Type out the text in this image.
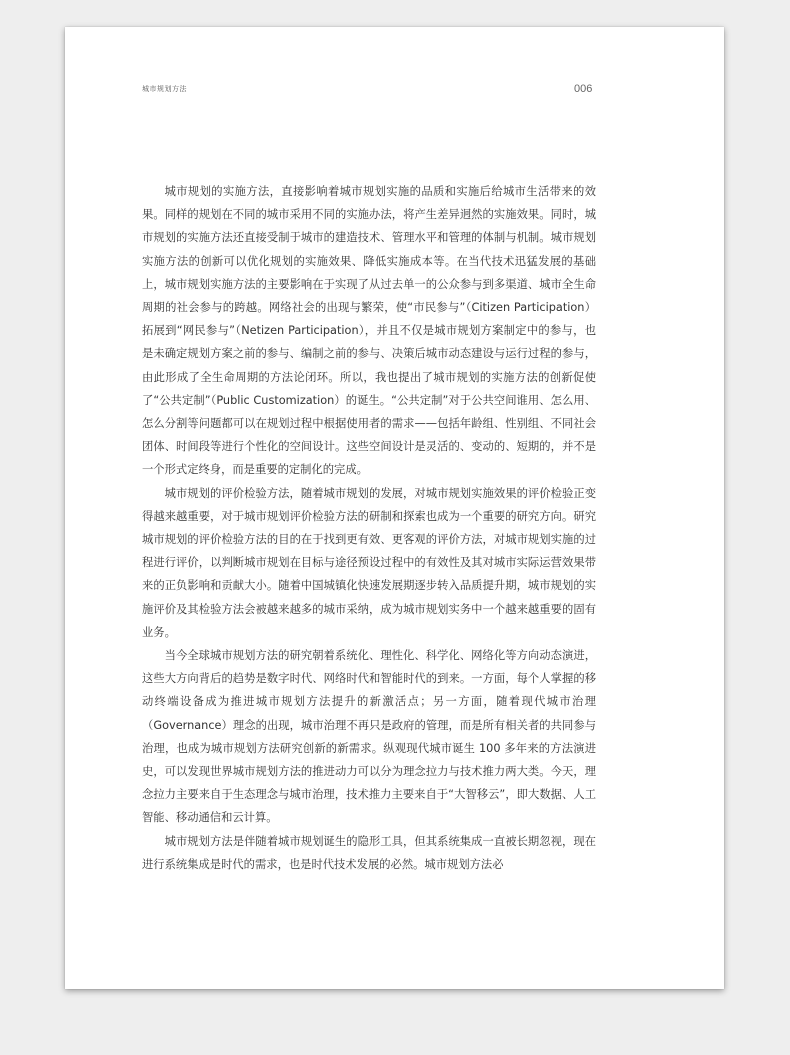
城市规划方法	006

城市规划的实施方法，直接影响着城市规划实施的品质和实施后给城市生活带来的效果。同样的规划在不同的城市采用不同的实施办法，将产生差异迥然的实施效果。同时，城市规划的实施方法还直接受制于城市的建造技术、管理水平和管理的体制与机制。城市规划实施方法的创新可以优化规划的实施效果、降低实施成本等。在当代技术迅猛发展的基础上，城市规划实施方法的主要影响在于实现了从过去单一的公众参与到多渠道、城市全生命周期的社会参与的跨越。网络社会的出现与繁荣，使“市民参与”（Citizen Participation）拓展到“网民参与”（Netizen Participation），并且不仅是城市规划方案制定中的参与，也是未确定规划方案之前的参与、编制之前的参与、决策后城市动态建设与运行过程的参与，由此形成了全生命周期的方法论闭环。所以，我也提出了城市规划的实施方法的创新促使了“公共定制”（Public Customization）的诞生。“公共定制”对于公共空间谁用、怎么用、怎么分割等问题都可以在规划过程中根据使用者的需求——包括年龄组、性别组、不同社会团体、时间段等进行个性化的空间设计。这些空间设计是灵活的、变动的、短期的，并不是一个形式定终身，而是重要的定制化的完成。

城市规划的评价检验方法，随着城市规划的发展，对城市规划实施效果的评价检验正变得越来越重要，对于城市规划评价检验方法的研制和探索也成为一个重要的研究方向。研究城市规划的评价检验方法的目的在于找到更有效、更客观的评价方法，对城市规划实施的过程进行评价，以判断城市规划在目标与途径预设过程中的有效性及其对城市实际运营效果带来的正负影响和贡献大小。随着中国城镇化快速发展期逐步转入品质提升期，城市规划的实施评价及其检验方法会被越来越多的城市采纳，成为城市规划实务中一个越来越重要的固有业务。

当今全球城市规划方法的研究朝着系统化、理性化、科学化、网络化等方向动态演进，这些大方向背后的趋势是数字时代、网络时代和智能时代的到来。一方面，每个人掌握的移动终端设备成为推进城市规划方法提升的新激活点；另一方面，随着现代城市治理（Governance）理念的出现，城市治理不再只是政府的管理，而是所有相关者的共同参与治理，也成为城市规划方法研究创新的新需求。纵观现代城市诞生 100 多年来的方法演进史，可以发现世界城市规划方法的推进动力可以分为理念拉力与技术推力两大类。今天，理念拉力主要来自于生态理念与城市治理，技术推力主要来自于“大智移云”，即大数据、人工智能、移动通信和云计算。

城市规划方法是伴随着城市规划诞生的隐形工具，但其系统集成一直被长期忽视，现在进行系统集成是时代的需求，也是时代技术发展的必然。城市规划方法必
